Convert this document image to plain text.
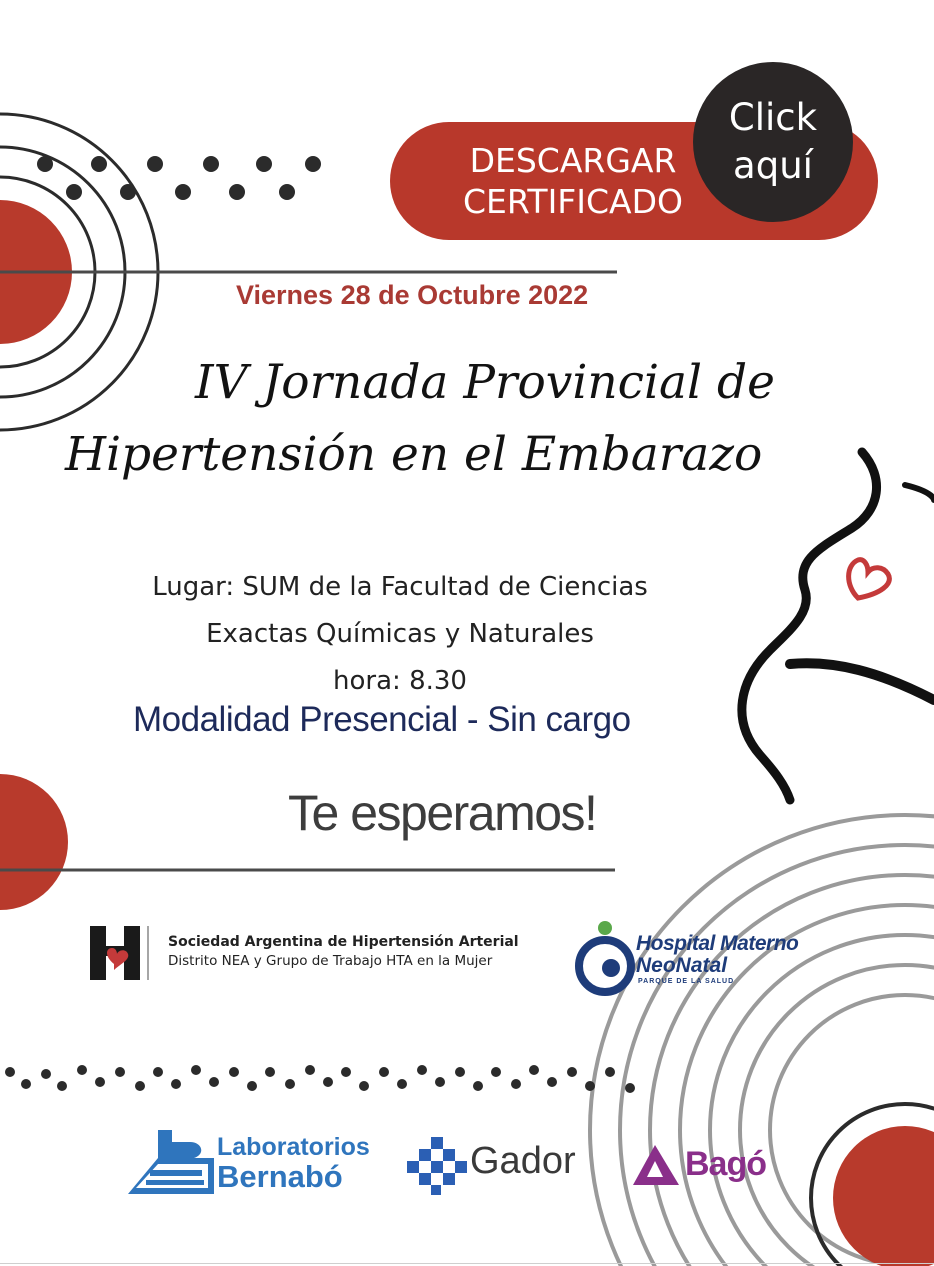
DESCARGAR
CERTIFICADO
Click
aquí
Viernes 28 de Octubre 2022
IV Jornada Provincial de
Hipertensión en el Embarazo
Lugar: SUM de la Facultad de Ciencias
Exactas Químicas y Naturales
hora: 8.30
Modalidad Presencial - Sin cargo
Te esperamos!
Sociedad Argentina de Hipertensión Arterial
Distrito NEA y Grupo de Trabajo HTA en la Mujer
Hospital Materno
NeoNatal
PARQUE DE LA SALUD
Laboratorios
Bernabó	Gador	Bagó
